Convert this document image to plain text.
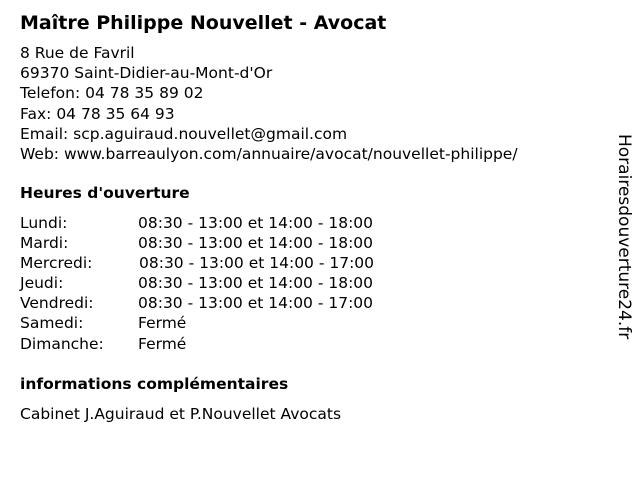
Maître Philippe Nouvellet - Avocat
8 Rue de Favril
69370 Saint-Didier-au-Mont-d'Or
Telefon: 04 78 35 89 02
Fax: 04 78 35 64 93
Email: scp.aguiraud.nouvellet@gmail.com
Web: www.barreaulyon.com/annuaire/avocat/nouvellet-philippe/
Heures d'ouverture
Lundi:	08:30 - 13:00 et 14:00 - 18:00
Mardi:	08:30 - 13:00 et 14:00 - 18:00
Mercredi:	08:30 - 13:00 et 14:00 - 17:00
Jeudi:	08:30 - 13:00 et 14:00 - 18:00
Vendredi:	08:30 - 13:00 et 14:00 - 17:00
Samedi:	Fermé
Dimanche: Fermé
informations complémentaires
Cabinet J.Aguiraud et P.Nouvellet Avocats
Horairesdouverture24.fr
